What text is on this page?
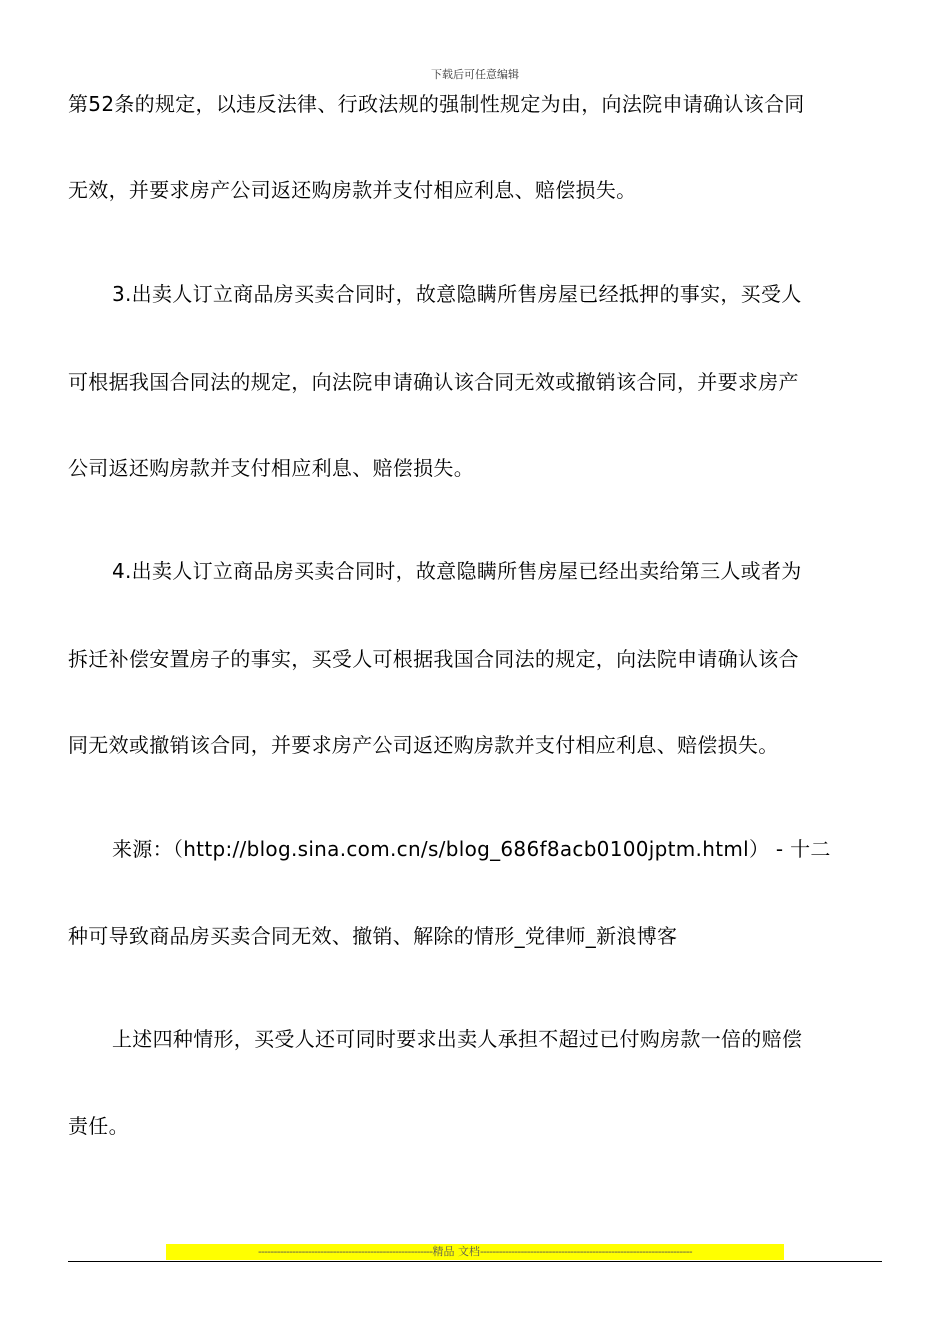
下载后可任意编辑
第52条的规定，以违反法律、行政法规的强制性规定为由，向法院申请确认该合同
无效，并要求房产公司返还购房款并支付相应利息、赔偿损失。
3.出卖人订立商品房买卖合同时，故意隐瞒所售房屋已经抵押的事实，买受人
可根据我国合同法的规定，向法院申请确认该合同无效或撤销该合同，并要求房产
公司返还购房款并支付相应利息、赔偿损失。
4.出卖人订立商品房买卖合同时，故意隐瞒所售房屋已经出卖给第三人或者为
拆迁补偿安置房子的事实，买受人可根据我国合同法的规定，向法院申请确认该合
同无效或撤销该合同，并要求房产公司返还购房款并支付相应利息、赔偿损失。
来源：（http://blog.sina.com.cn/s/blog_686f8acb0100jptm.html） - 十二
种可导致商品房买卖合同无效、撤销、解除的情形_党律师_新浪博客
上述四种情形，买受人还可同时要求出卖人承担不超过已付购房款一倍的赔偿
责任。
--------------------------------------------------------精品 文档--------------------------------------------------------------------
